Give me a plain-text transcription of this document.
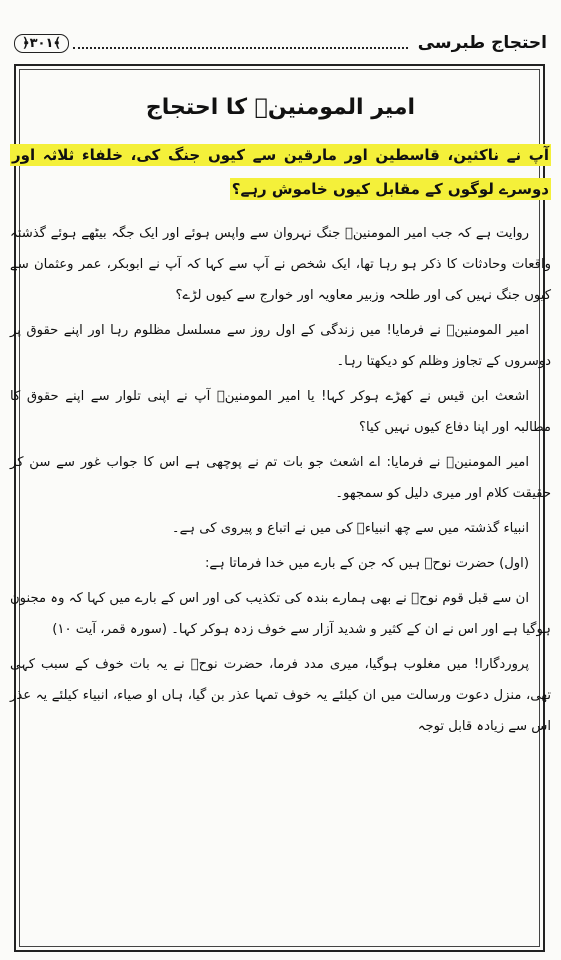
احتجاج طبرسی
﴿۳۰۱﴾
امیر المومنینؑ کا احتجاج

آپ نے ناکثین، قاسطین اور مارقین سے کیوں جنگ کی، خلفاء ثلاثہ اور دوسرے لوگوں کے مقابل کیوں خاموش رہے؟

روایت ہے کہ جب امیر المومنینؑ جنگ نہروان سے واپس ہوئے اور ایک جگہ بیٹھے ہوئے گذشتہ واقعات وحادثات کا ذکر ہو رہا تھا، ایک شخص نے آپ سے کہا کہ آپ نے ابوبکر، عمر وعثمان سے کیوں جنگ نہیں کی اور طلحہ وزبیر معاویہ اور خوارج سے کیوں لڑے؟

امیر المومنینؑ نے فرمایا! میں زندگی کے اول روز سے مسلسل مظلوم رہا اور اپنے حقوق پر دوسروں کے تجاوز وظلم کو دیکھتا رہا۔

اشعث ابن قیس نے کھڑے ہوکر کہا! یا امیر المومنینؑ آپ نے اپنی تلوار سے اپنے حقوق کا مطالبہ اور اپنا دفاع کیوں نہیں کیا؟

امیر المومنینؑ نے فرمایا: اے اشعث جو بات تم نے پوچھی ہے اس کا جواب غور سے سن کر حقیقت کلام اور میری دلیل کو سمجھو۔

انبیاء گذشتہ میں سے چھ انبیاءؑ کی میں نے اتباع و پیروی کی ہے۔

(اول) حضرت نوحؑ ہیں کہ جن کے بارے میں خدا فرماتا ہے:

ان سے قبل قوم نوحؑ نے بھی ہمارے بندہ کی تکذیب کی اور اس کے بارے میں کہا کہ وہ مجنون ہوگیا ہے اور اس نے ان کے کثیر و شدید آزار سے خوف زدہ ہوکر کہا۔ (سورہ قمر، آیت ۱۰)

پروردگارا! میں مغلوب ہوگیا، میری مدد فرما، حضرت نوحؑ نے یہ بات خوف کے سبب کہی تھی، منزل دعوت ورسالت میں ان کیلئے یہ خوف تمہا عذر بن گیا، ہاں او صیاء، انبیاء کیلئے یہ عذر اس سے زیادہ قابل توجہ
